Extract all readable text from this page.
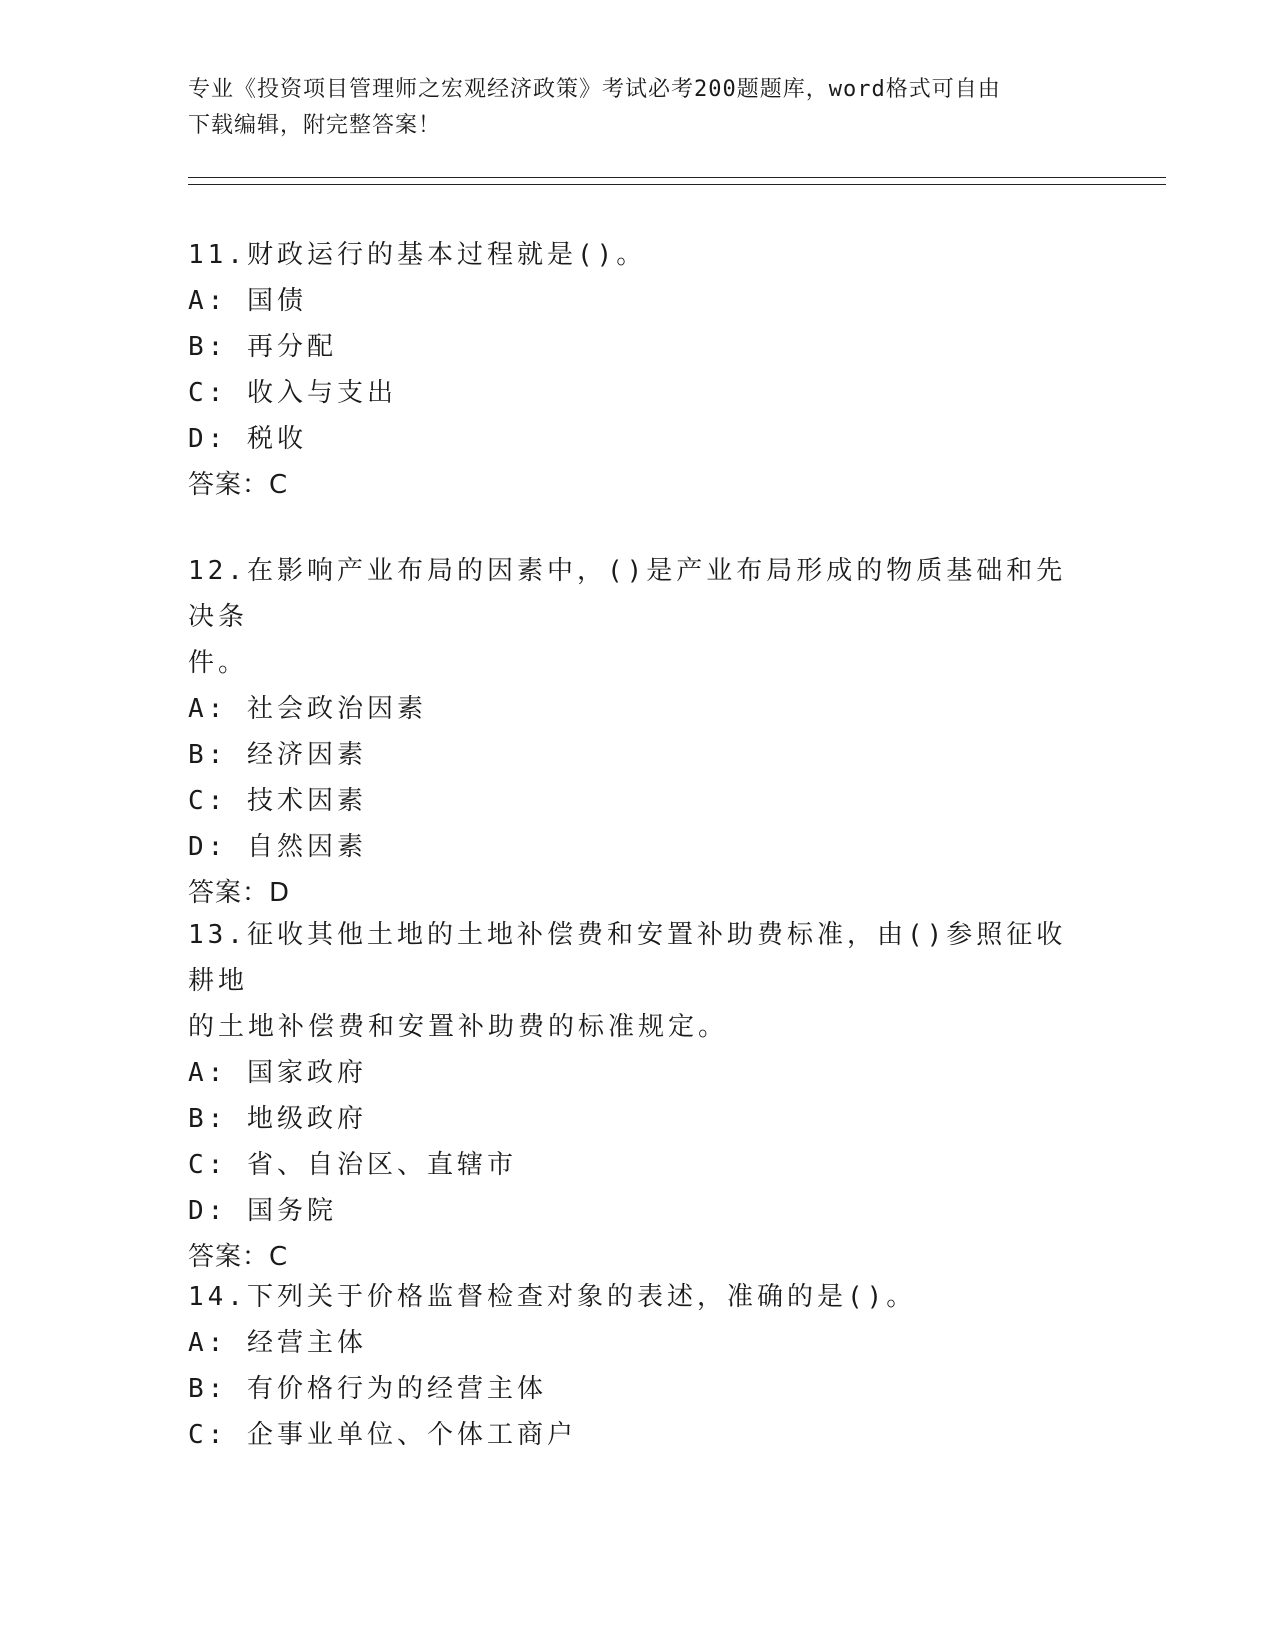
专业《投资项目管理师之宏观经济政策》考试必考200题题库，word格式可自由
下载编辑，附完整答案！

11.财政运行的基本过程就是()。

A: 国债

B: 再分配

C: 收入与支出

D: 税收

答案：C

12.在影响产业布局的因素中，()是产业布局形成的物质基础和先决条

件。

A: 社会政治因素

B: 经济因素

C: 技术因素

D: 自然因素

答案：D

13.征收其他土地的土地补偿费和安置补助费标准，由()参照征收耕地

的土地补偿费和安置补助费的标准规定。

A: 国家政府

B: 地级政府

C: 省、自治区、直辖市

D: 国务院

答案：C

14.下列关于价格监督检查对象的表述，准确的是()。

A: 经营主体

B: 有价格行为的经营主体

C: 企事业单位、个体工商户
